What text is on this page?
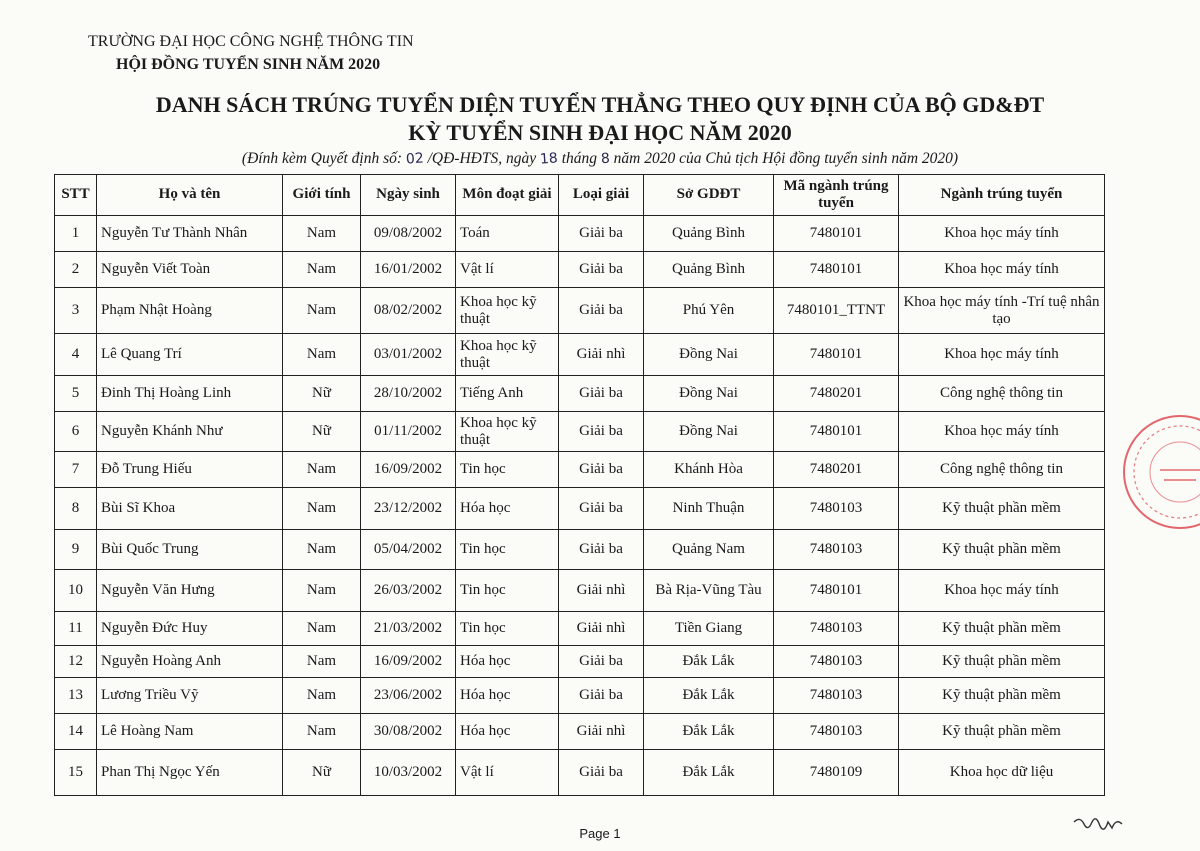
TRƯỜNG ĐẠI HỌC CÔNG NGHỆ THÔNG TIN
HỘI ĐỒNG TUYỂN SINH NĂM 2020
DANH SÁCH TRÚNG TUYỂN DIỆN TUYỂN THẲNG THEO QUY ĐỊNH CỦA BỘ GD&ĐT
KỲ TUYỂN SINH ĐẠI HỌC NĂM 2020
(Đính kèm Quyết định số: 02 /QĐ-HĐTS, ngày 18 tháng 8 năm 2020 của Chủ tịch Hội đồng tuyển sinh năm 2020)
STT	Họ và tên	Giới tính	Ngày sinh	Môn đoạt giải	Loại giải	Sở GDĐT	Mã ngành trúng tuyển	Ngành trúng tuyển
1	Nguyễn Tư Thành Nhân	Nam	09/08/2002	Toán	Giải ba	Quảng Bình	7480101	Khoa học máy tính
2	Nguyễn Viết Toàn	Nam	16/01/2002	Vật lí	Giải ba	Quảng Bình	7480101	Khoa học máy tính
3	Phạm Nhật Hoàng	Nam	08/02/2002	Khoa học kỹ thuật	Giải ba	Phú Yên	7480101_TTNT	Khoa học máy tính -Trí tuệ nhân tạo
4	Lê Quang Trí	Nam	03/01/2002	Khoa học kỹ thuật	Giải nhì	Đồng Nai	7480101	Khoa học máy tính
5	Đinh Thị Hoàng Linh	Nữ	28/10/2002	Tiếng Anh	Giải ba	Đồng Nai	7480201	Công nghệ thông tin
6	Nguyễn Khánh Như	Nữ	01/11/2002	Khoa học kỹ thuật	Giải ba	Đồng Nai	7480101	Khoa học máy tính
7	Đỗ Trung Hiếu	Nam	16/09/2002	Tin học	Giải ba	Khánh Hòa	7480201	Công nghệ thông tin
8	Bùi Sĩ Khoa	Nam	23/12/2002	Hóa học	Giải ba	Ninh Thuận	7480103	Kỹ thuật phần mềm
9	Bùi Quốc Trung	Nam	05/04/2002	Tin học	Giải ba	Quảng Nam	7480103	Kỹ thuật phần mềm
10	Nguyễn Văn Hưng	Nam	26/03/2002	Tin học	Giải nhì	Bà Rịa-Vũng Tàu	7480101	Khoa học máy tính
11	Nguyễn Đức Huy	Nam	21/03/2002	Tin học	Giải nhì	Tiền Giang	7480103	Kỹ thuật phần mềm
12	Nguyễn Hoàng Anh	Nam	16/09/2002	Hóa học	Giải ba	Đắk Lắk	7480103	Kỹ thuật phần mềm
13	Lương Triều Vỹ	Nam	23/06/2002	Hóa học	Giải ba	Đắk Lắk	7480103	Kỹ thuật phần mềm
14	Lê Hoàng Nam	Nam	30/08/2002	Hóa học	Giải nhì	Đắk Lắk	7480103	Kỹ thuật phần mềm
15	Phan Thị Ngọc Yến	Nữ	10/03/2002	Vật lí	Giải ba	Đắk Lắk	7480109	Khoa học dữ liệu
Page 1
